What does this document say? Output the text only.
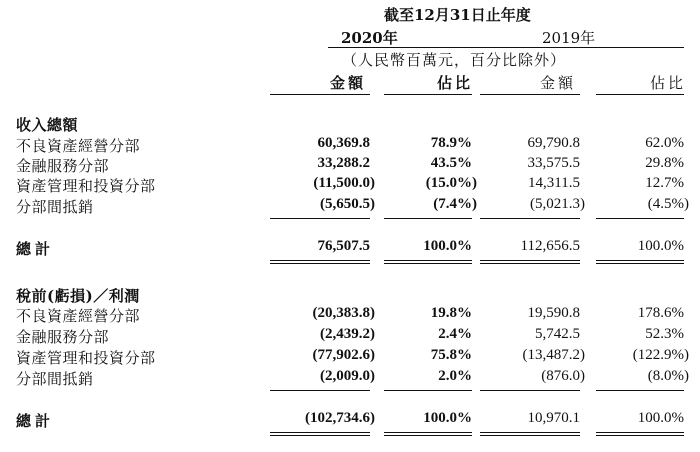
截至12月31日止年度
2020年	2019年
（人民幣百萬元，百分比除外）
金額	佔比	金額	佔比
收入總額
不良資產經營分部	60,369.8	78.9%	69,790.8	62.0%
金融服務分部	33,288.2	43.5%	33,575.5	29.8%
資產管理和投資分部	(11,500.0)	(15.0%)	14,311.5	12.7%
分部間抵銷	(5,650.5)	(7.4%)	(5,021.3)	(4.5%)
總計	76,507.5	100.0%	112,656.5	100.0%
稅前(虧損)／利潤
不良資產經營分部	(20,383.8)	19.8%	19,590.8	178.6%
金融服務分部	(2,439.2)	2.4%	5,742.5	52.3%
資產管理和投資分部	(77,902.6)	75.8%	(13,487.2)	(122.9%)
分部間抵銷	(2,009.0)	2.0%	(876.0)	(8.0%)
總計	(102,734.6)	100.0%	10,970.1	100.0%
